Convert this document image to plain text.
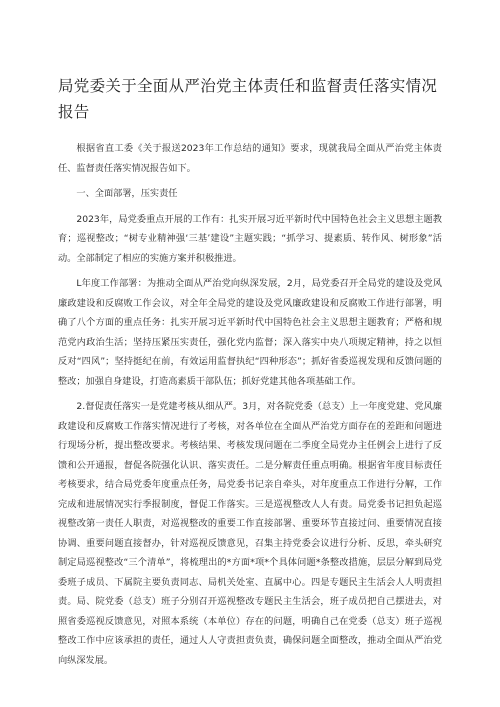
局党委关于全面从严治党主体责任和监督责任落实情况报告

根据省直工委《关于报送2023年工作总结的通知》要求，现就我局全面从严治党主体责任、监督责任落实情况报告如下。

一、全面部署，压实责任

2023年，局党委重点开展的工作有：扎实开展习近平新时代中国特色社会主义思想主题教育；巡视整改；“树专业精神强‘三基’建设”主题实践；“抓学习、提素质、转作风、树形象”活动。全部制定了相应的实施方案并积极推进。

L年度工作部署：为推动全面从严治党向纵深发展，2月，局党委召开全局党的建设及党风廉政建设和反腐败工作会议，对全年全局党的建设及党风廉政建设和反腐败工作进行部署，明确了八个方面的重点任务：扎实开展习近平新时代中国特色社会主义思想主题教育；严格和规范党内政治生活；坚持压紧压实责任，强化党内监督；深入落实中央八项规定精神，持之以恒反对“四风”；坚持挺纪在前，有效运用监督执纪“四种形态”；抓好省委巡视发现和反馈问题的整改；加强自身建设，打造高素质干部队伍；抓好党建其他各项基础工作。

2.督促责任落实一是党建考核从细从严。3月，对各院党委（总支）上一年度党建、党风廉政建设和反腐败工作落实情况进行了考核，对各单位在全面从严治党方面存在的差距和问题进行现场分析，提出整改要求。考核结果、考核发现问题在二季度全局党办主任例会上进行了反馈和公开通报，督促各院强化认识、落实责任。二是分解责任重点明确。根据省年度目标责任考核要求，结合局党委年度重点任务，局党委书记亲自牵头，对年度重点工作进行分解，工作完成和进展情况实行季报制度，督促工作落实。三是巡视整改人人有责。局党委书记担负起巡视整改第一责任人职责，对巡视整改的重要工作直接部署、重要环节直接过问、重要情况直接协调、重要问题直接督办，针对巡视反馈意见，召集主持党委会议进行分析、反思，牵头研究制定局巡视整改“三个清单”，将梳理出的*方面*项*个具体问题*条整改措施，层层分解到局党委班子成员、下属院主要负责同志、局机关处室、直属中心。四是专题民主生活会人人明责担责。局、院党委（总支）班子分别召开巡视整改专题民主生活会，班子成员把自己摆进去，对照省委巡视反馈意见，对照本系统（本单位）存在的问题，明确自己在党委（总支）班子巡视整改工作中应该承担的责任，通过人人守责担责负责，确保问题全面整改，推动全面从严治党向纵深发展。
